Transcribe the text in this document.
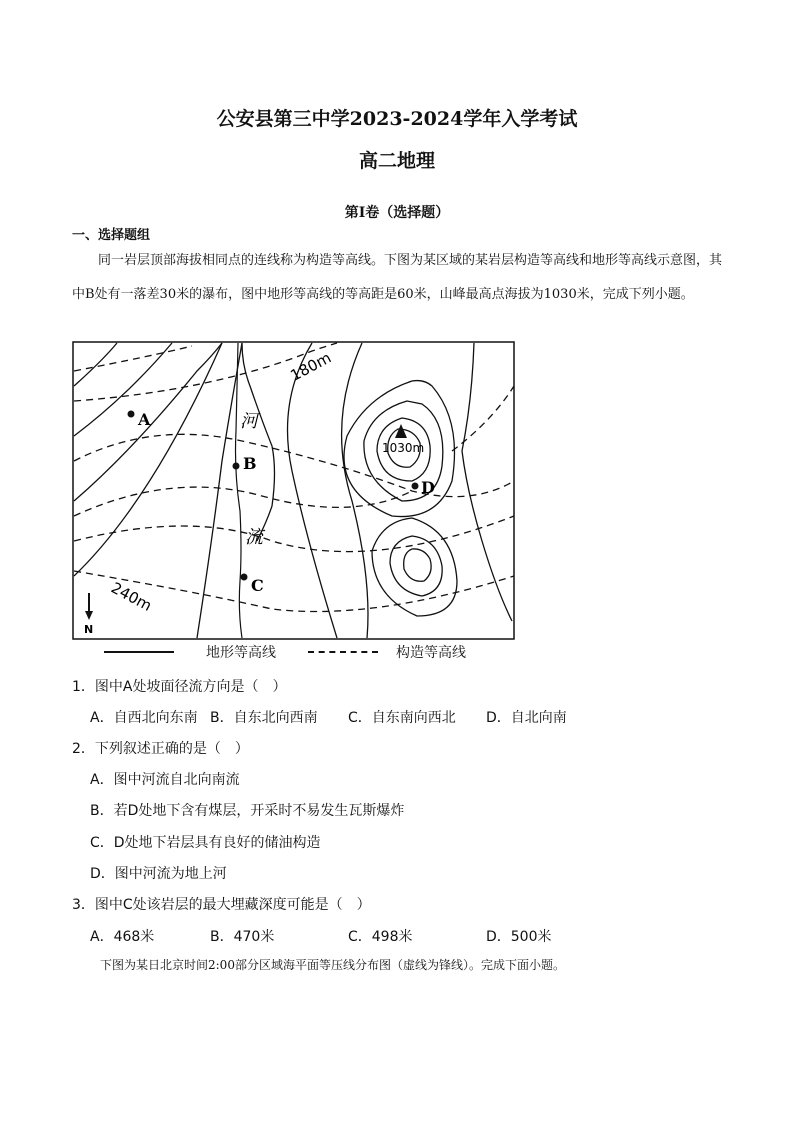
公安县第三中学2023-2024学年入学考试
高二地理
第Ⅰ卷（选择题）
一、选择题组
同一岩层顶部海拔相同点的连线称为构造等高线。下图为某区域的某岩层构造等高线和地形等高线示意图，其中B处有一落差30米的瀑布，图中地形等高线的等高距是60米，山峰最高点海拔为1030米，完成下列小题。
180m
240m
河
流
1030m
A
B
C
D
N
地形等高线	构造等高线
1．图中A处坡面径流方向是（　）
A．自西北向东南 B．自东北向西南 C．自东南向西北 D．自北向南
2．下列叙述正确的是（　）
A．图中河流自北向南流
B．若D处地下含有煤层，开采时不易发生瓦斯爆炸
C．D处地下岩层具有良好的储油构造
D．图中河流为地上河
3．图中C处该岩层的最大埋藏深度可能是（　）
A．468米	B．470米	C．498米	D．500米
下图为某日北京时间2:00部分区域海平面等压线分布图（虚线为锋线）。完成下面小题。
